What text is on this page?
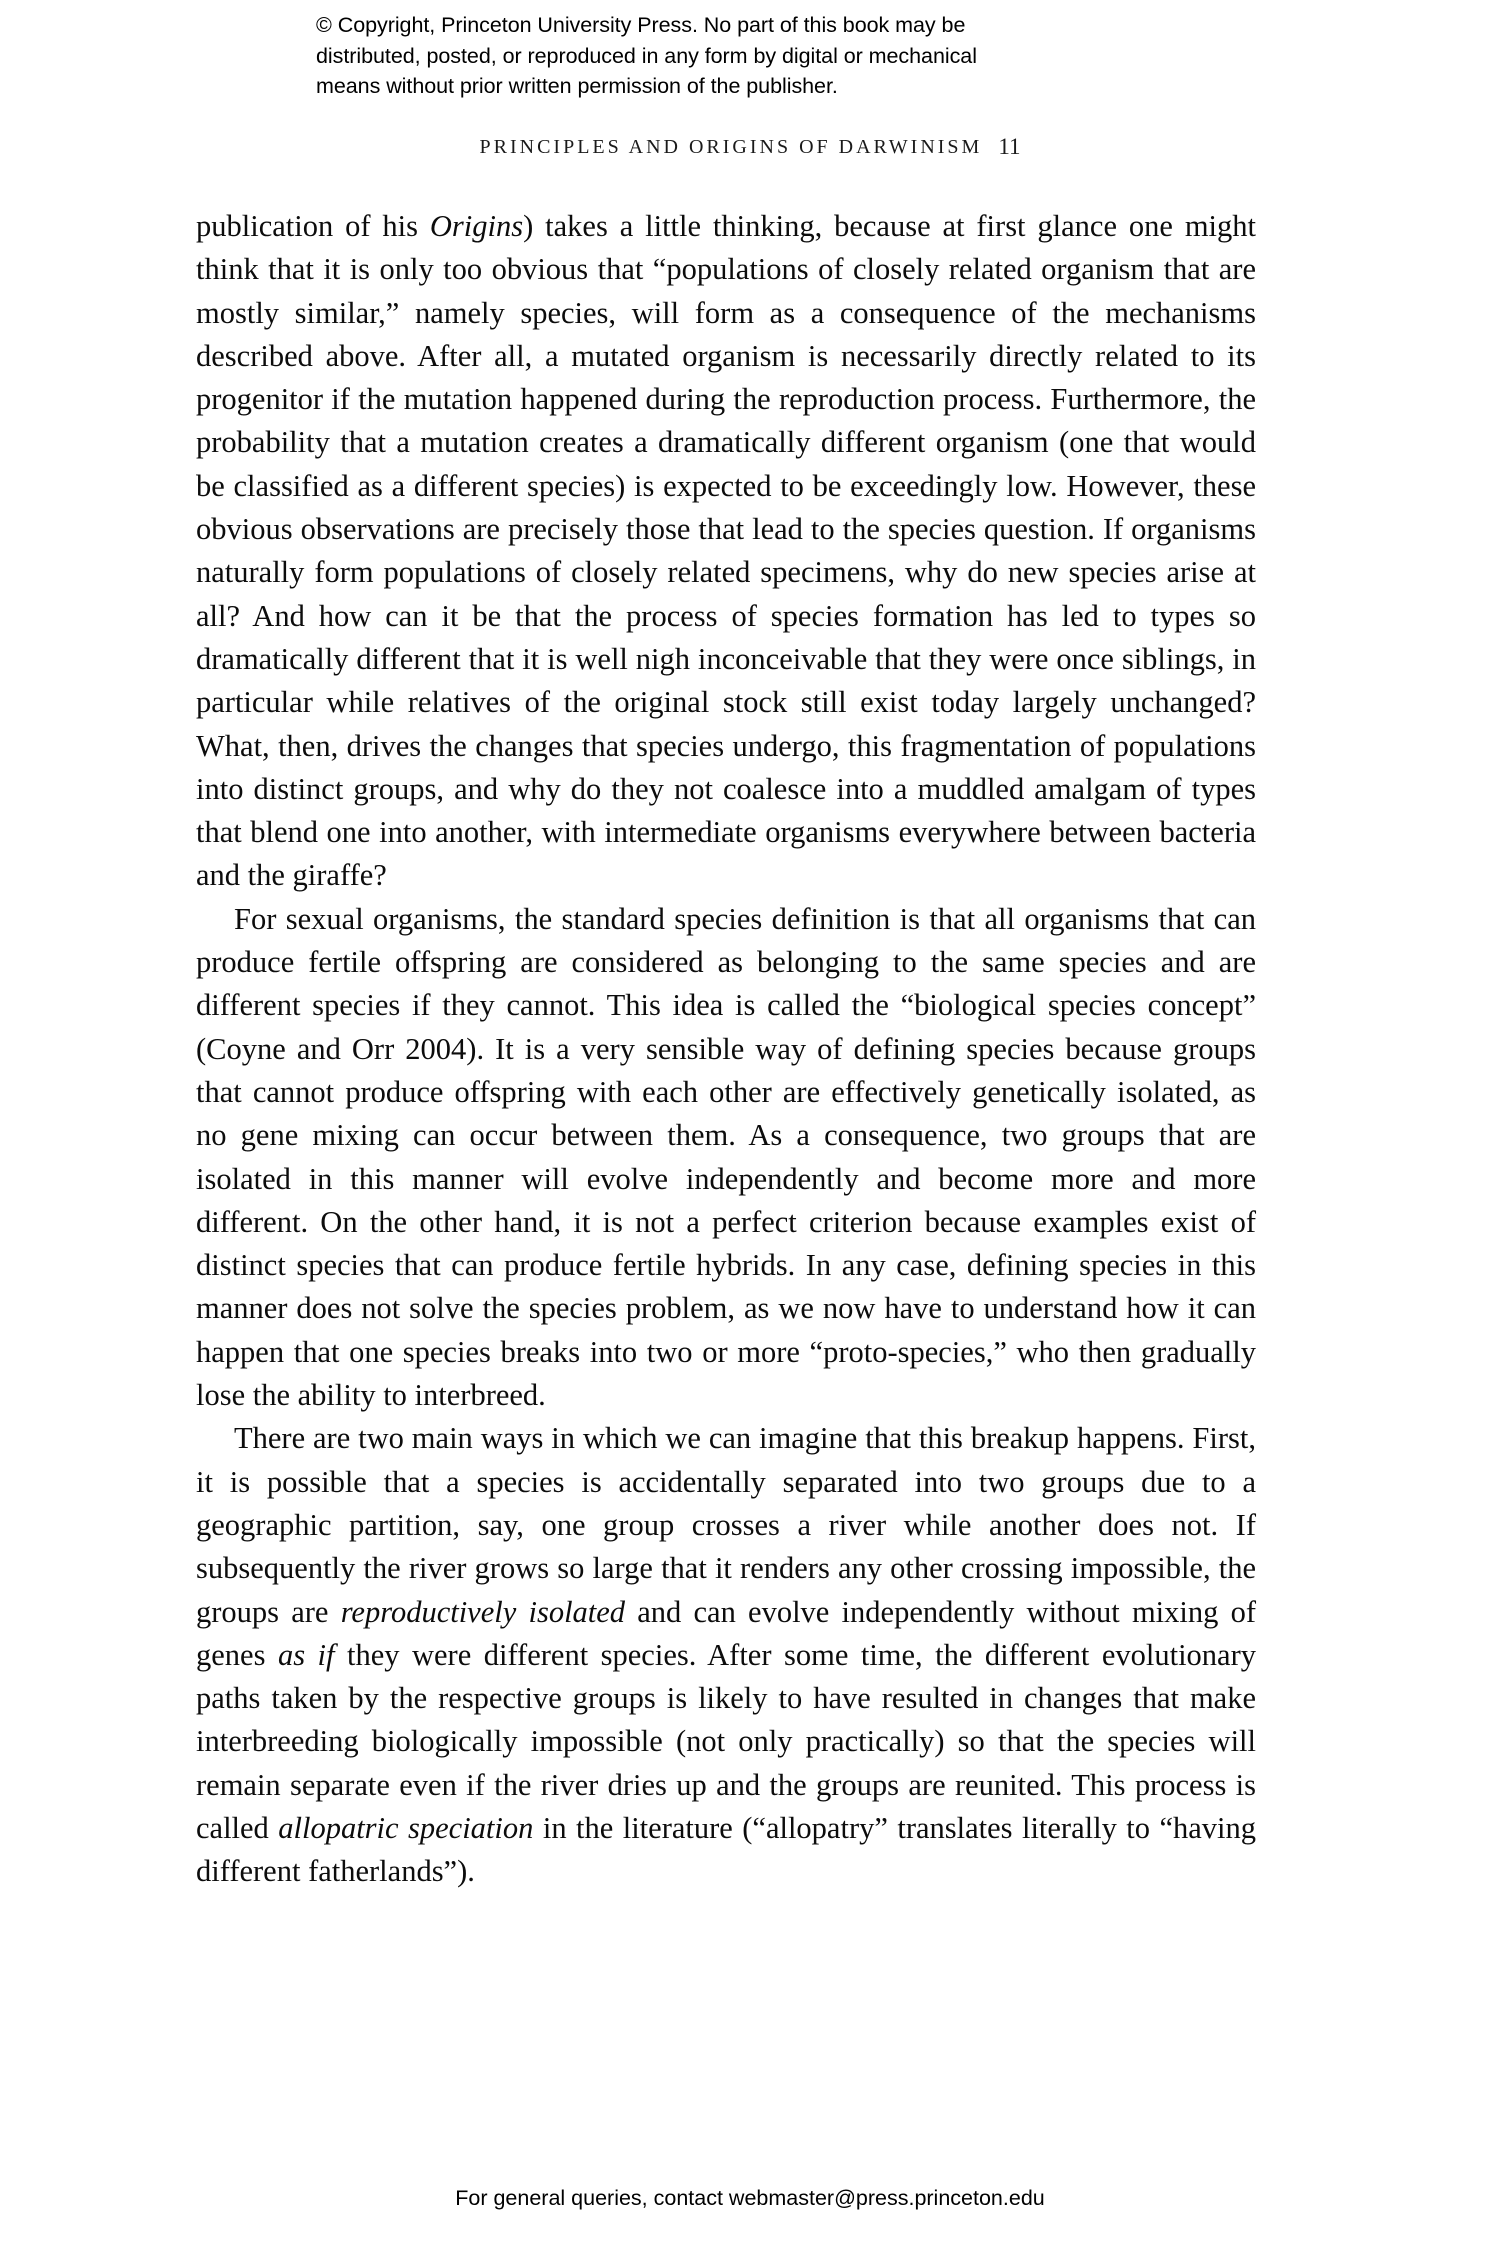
© Copyright, Princeton University Press. No part of this book may be
distributed, posted, or reproduced in any form by digital or mechanical
means without prior written permission of the publisher.
PRINCIPLES AND ORIGINS OF DARWINISM 11

publication of his Origins) takes a little thinking, because at first glance one might think that it is only too obvious that “populations of closely related organism that are mostly similar,” namely species, will form as a consequence of the mechanisms described above. After all, a mutated organism is necessarily directly related to its progenitor if the mutation happened during the reproduction process. Furthermore, the probability that a mutation creates a dramatically different organism (one that would be classified as a different species) is expected to be exceedingly low. However, these obvious observations are precisely those that lead to the species question. If organisms naturally form populations of closely related specimens, why do new species arise at all? And how can it be that the process of species formation has led to types so dramatically different that it is well nigh inconceivable that they were once siblings, in particular while relatives of the original stock still exist today largely unchanged? What, then, drives the changes that species undergo, this fragmentation of populations into distinct groups, and why do they not coalesce into a muddled amalgam of types that blend one into another, with intermediate organisms everywhere between bacteria and the giraffe?

For sexual organisms, the standard species definition is that all organisms that can produce fertile offspring are considered as belonging to the same species and are different species if they cannot. This idea is called the “biological species concept” (Coyne and Orr 2004). It is a very sensible way of defining species because groups that cannot produce offspring with each other are effectively genetically isolated, as no gene mixing can occur between them. As a consequence, two groups that are isolated in this manner will evolve independently and become more and more different. On the other hand, it is not a perfect criterion because examples exist of distinct species that can produce fertile hybrids. In any case, defining species in this manner does not solve the species problem, as we now have to understand how it can happen that one species breaks into two or more “proto-species,” who then gradually lose the ability to interbreed.

There are two main ways in which we can imagine that this breakup happens. First, it is possible that a species is accidentally separated into two groups due to a geographic partition, say, one group crosses a river while another does not. If subsequently the river grows so large that it renders any other crossing impossible, the groups are reproductively isolated and can evolve independently without mixing of genes as if they were different species. After some time, the different evolutionary paths taken by the respective groups is likely to have resulted in changes that make interbreeding biologically impossible (not only practically) so that the species will remain separate even if the river dries up and the groups are reunited. This process is called allopatric speciation in the literature (“allopatry” translates literally to “having different fatherlands”).

For general queries, contact webmaster@press.princeton.edu
